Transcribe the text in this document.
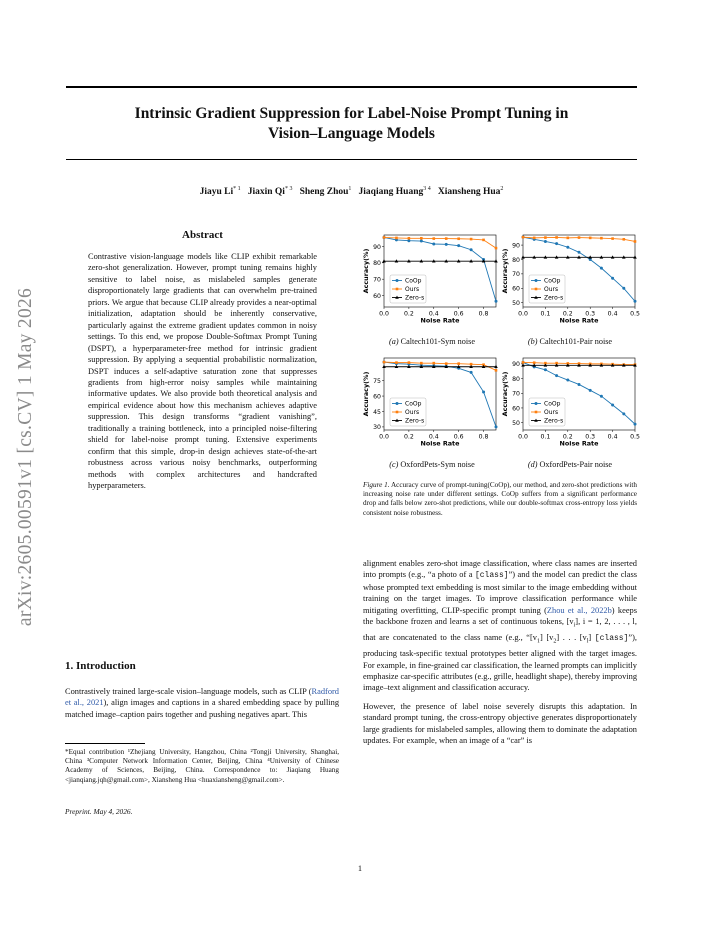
arXiv:2605.00591v1 [cs.CV] 1 May 2026
Intrinsic Gradient Suppression for Label-Noise Prompt Tuning in
Vision–Language Models
Jiayu Li$^{* 1}$ Jiaxin Qi$^{* 3}$ Sheng Zhou$^1$ Jiaqiang Huang$^{3 4}$ Xiansheng Hua$^2$
Abstract
Contrastive vision-language models like CLIP exhibit remarkable zero-shot generalization. However, prompt tuning remains highly sensitive to label noise, as mislabeled samples generate disproportionately large gradients that can overwhelm pre-trained priors. We argue that because CLIP already provides a near-optimal initialization, adaptation should be inherently conservative, particularly against the extreme gradient updates common in noisy settings. To this end, we propose Double-Softmax Prompt Tuning (DSPT), a hyperparameter-free method for intrinsic gradient suppression. By applying a sequential probabilistic normalization, DSPT induces a self-adaptive saturation zone that suppresses gradients from high-error noisy samples while maintaining informative updates. We also provide both theoretical analysis and empirical evidence about how this mechanism achieves adaptive suppression. This design transforms “gradient vanishing”, traditionally a training bottleneck, into a principled noise-filtering shield for label-noise prompt tuning. Extensive experiments confirm that this simple, drop-in design achieves state-of-the-art robustness across various noisy benchmarks, outperforming methods with complex architectures and handcrafted hyperparameters.
1. Introduction
Contrastively trained large-scale vision–language models, such as CLIP (Radford et al., 2021), align images and captions in a shared embedding space by pulling matched image–caption pairs together and pushing negatives apart. This
*Equal contribution ¹Zhejiang University, Hangzhou, China ²Tongji University, Shanghai, China ³Computer Network Information Center, Beijing, China ⁴University of Chinese Academy of Sciences, Beijing, China. Correspondence to: Jiaqiang Huang <jianqiang.jqh@gmail.com>, Xiansheng Hua <huaxiansheng@gmail.com>.
Preprint. May 4, 2026.
60
70
80
90
0.0 0.2 0.4 0.6 0.8
Noise Rate
Accuracy(%)	CoOp
Ours
Zero-s
50
60
70
80
90
0.0 0.1 0.2 0.3 0.4 0.5
Noise Rate
Accuracy(%)	CoOp
Ours
Zero-s
30
45
60
75
0.0 0.2 0.4 0.6 0.8
Noise Rate
Accuracy(%)	CoOp
Ours
Zero-s	50
60
70
80
90
0.0 0.1 0.2 0.3 0.4 0.5
Noise Rate
Accuracy(%)	CoOp
Ours
Zero-s
(a) Caltech101-Sym noise	(b) Caltech101-Pair noise
(c) OxfordPets-Sym noise	(d) OxfordPets-Pair noise
Figure 1. Accuracy curve of prompt-tuning(CoOp), our method, and zero-shot predictions with increasing noise rate under different settings. CoOp suffers from a significant performance drop and falls below zero-shot predictions, while our double-softmax cross-entropy loss yields consistent noise robustness.

alignment enables zero-shot image classification, where class names are inserted into prompts (e.g., “a photo of a [class]”) and the model can predict the class whose prompted text embedding is most similar to the image embedding without training on the target images. To improve classification performance while mitigating overfitting, CLIP-specific prompt tuning (Zhou et al., 2022b) keeps the backbone frozen and learns a set of continuous tokens, $[v_i]$, i = 1, 2, . . . , l, that are concatenated to the class name (e.g., “$[v_1]$ $[v_2]$ . . . $[v_l]$ [class]”), producing task-specific textual prototypes better aligned with the target images. For example, in fine-grained car classification, the learned prompts can implicitly emphasize car-specific attributes (e.g., grille, headlight shape), thereby improving image–text alignment and classification accuracy.

However, the presence of label noise severely disrupts this adaptation. In standard prompt tuning, the cross-entropy objective generates disproportionately large gradients for mislabeled samples, allowing them to dominate the adaptation updates. For example, when an image of a “car” is

1
